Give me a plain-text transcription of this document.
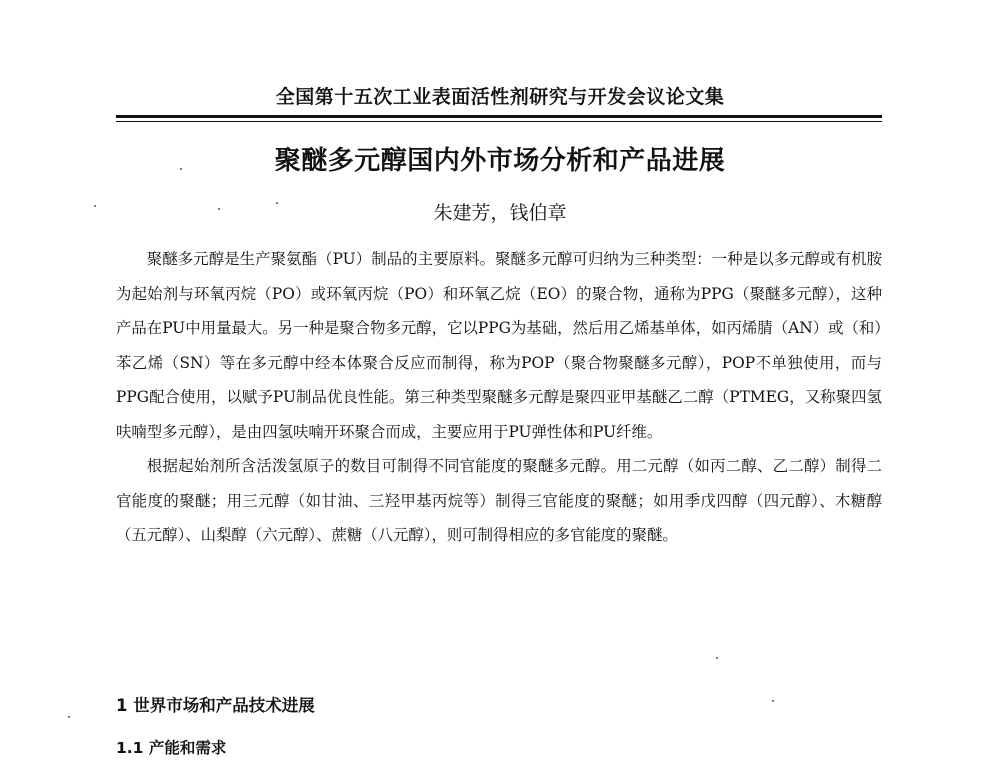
全国第十五次工业表面活性剂研究与开发会议论文集
聚醚多元醇国内外市场分析和产品进展
朱建芳，钱伯章

聚醚多元醇是生产聚氨酯（PU）制品的主要原料。聚醚多元醇可归纳为三种类型：一种是以多元醇或有机胺为起始剂与环氧丙烷（PO）或环氧丙烷（PO）和环氧乙烷（EO）的聚合物，通称为PPG（聚醚多元醇），这种产品在PU中用量最大。另一种是聚合物多元醇，它以PPG为基础，然后用乙烯基单体，如丙烯腈（AN）或（和）苯乙烯（SN）等在多元醇中经本体聚合反应而制得，称为POP（聚合物聚醚多元醇），POP不单独使用，而与PPG配合使用，以赋予PU制品优良性能。第三种类型聚醚多元醇是聚四亚甲基醚乙二醇（PTMEG，又称聚四氢呋喃型多元醇），是由四氢呋喃开环聚合而成，主要应用于PU弹性体和PU纤维。

根据起始剂所含活泼氢原子的数目可制得不同官能度的聚醚多元醇。用二元醇（如丙二醇、乙二醇）制得二官能度的聚醚；用三元醇（如甘油、三羟甲基丙烷等）制得三官能度的聚醚；如用季戊四醇（四元醇）、木糖醇（五元醇）、山梨醇（六元醇）、蔗糖（八元醇），则可制得相应的多官能度的聚醚。

1 世界市场和产品技术进展
1.1 产能和需求
